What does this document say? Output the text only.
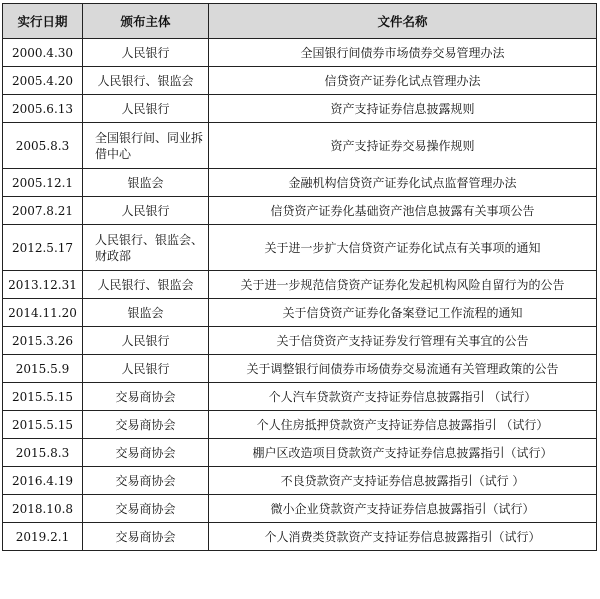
实行日期	颁布主体	文件名称
2000.4.30	人民银行	全国银行间债券市场债券交易管理办法
2005.4.20	人民银行、银监会	信贷资产证券化试点管理办法
2005.6.13	人民银行	资产支持证券信息披露规则
2005.8.3	全国银行间、同业拆借中心	资产支持证券交易操作规则
2005.12.1	银监会	金融机构信贷资产证券化试点监督管理办法
2007.8.21	人民银行	信贷资产证券化基础资产池信息披露有关事项公告
2012.5.17	人民银行、银监会、财政部	关于进一步扩大信贷资产证券化试点有关事项的通知
2013.12.31	人民银行、银监会	关于进一步规范信贷资产证券化发起机构风险自留行为的公告
2014.11.20	银监会	关于信贷资产证券化备案登记工作流程的通知
2015.3.26	人民银行	关于信贷资产支持证券发行管理有关事宜的公告
2015.5.9	人民银行	关于调整银行间债券市场债券交易流通有关管理政策的公告
2015.5.15	交易商协会	个人汽车贷款资产支持证券信息披露指引 （试行）
2015.5.15	交易商协会	个人住房抵押贷款资产支持证券信息披露指引 （试行）
2015.8.3	交易商协会	棚户区改造项目贷款资产支持证券信息披露指引（试行）
2016.4.19	交易商协会	不良贷款资产支持证券信息披露指引（试行 ）
2018.10.8	交易商协会	微小企业贷款资产支持证券信息披露指引（试行）
2019.2.1	交易商协会	个人消费类贷款资产支持证券信息披露指引（试行）
